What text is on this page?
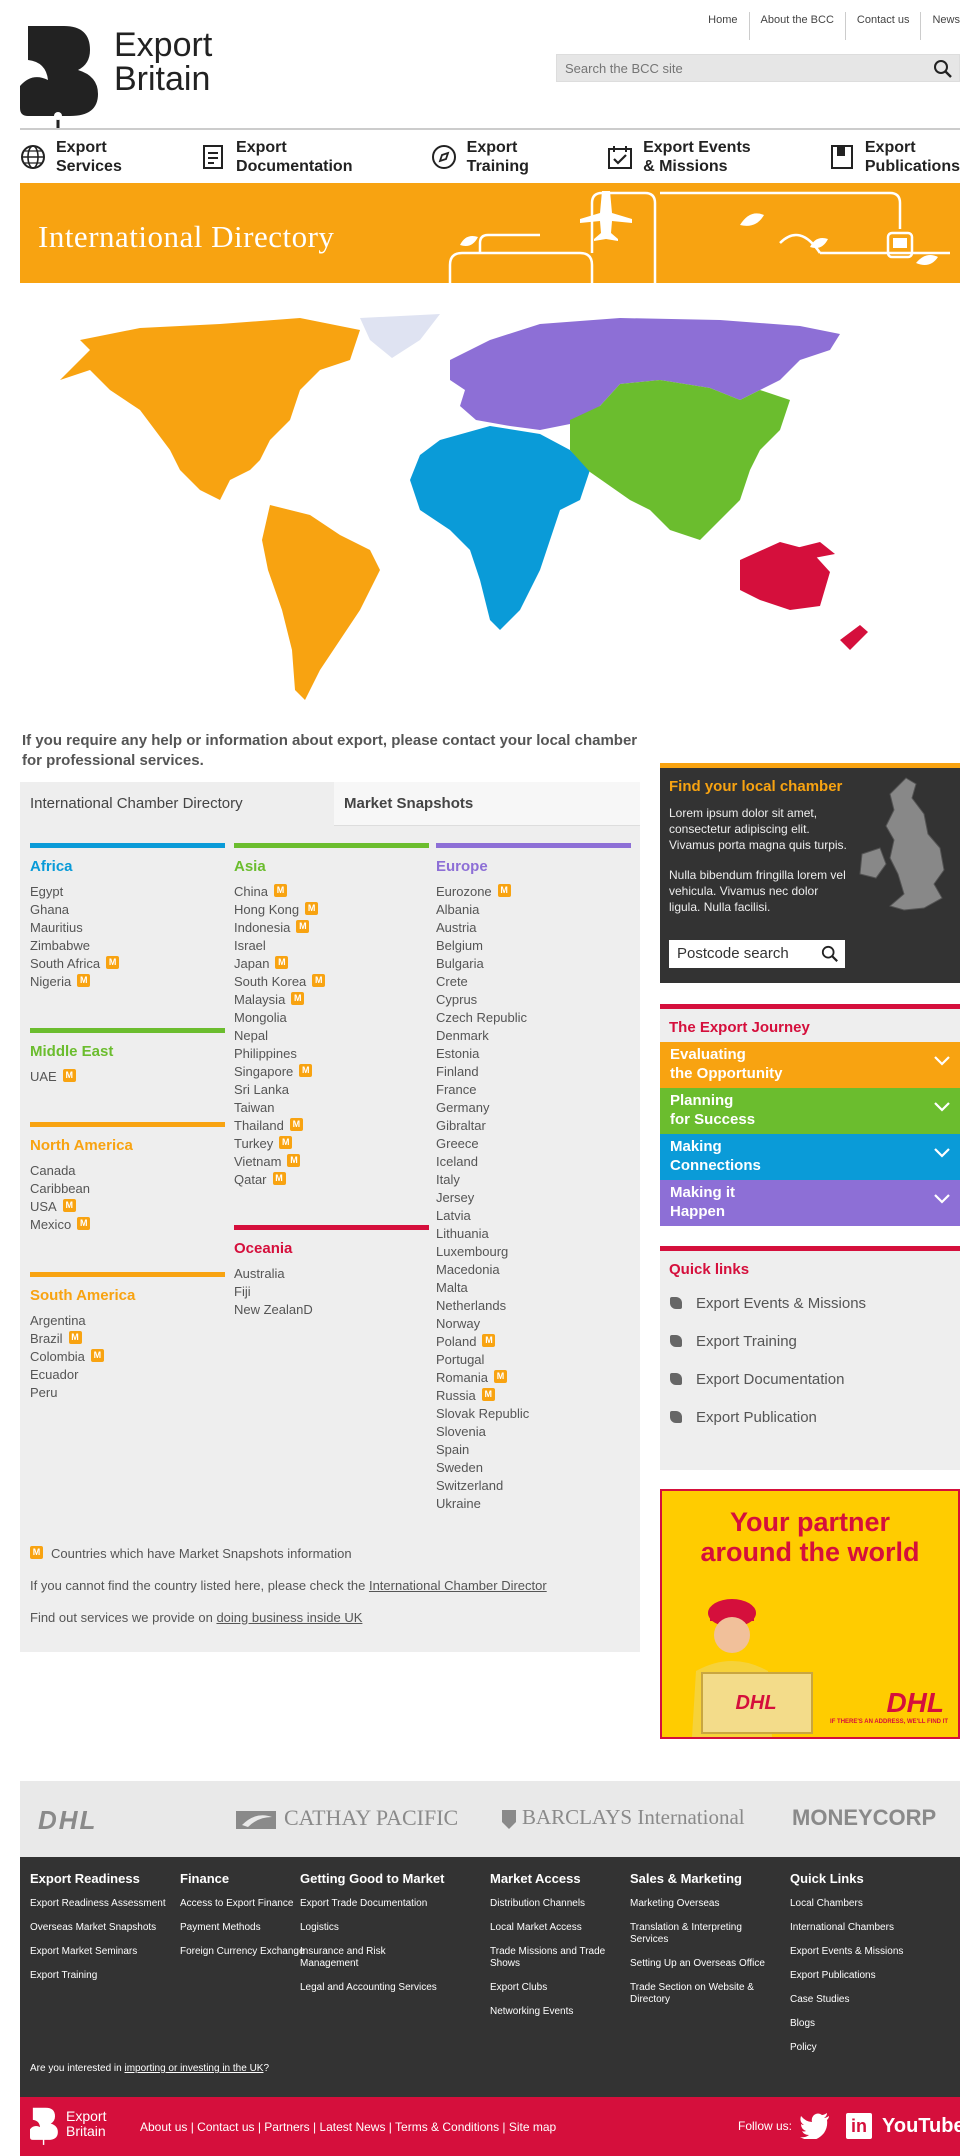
Export
Britain
Home	About the BCC	Contact us	News
Search the BCC site
Export
Services
Export
Documentation
Export
Training
Export Events
& Missions
Export
Publications
International Directory
If you require any help or information about export, please contact your local chamber for professional services.
International Chamber Directory	Market Snapshots
Africa
Egypt
Ghana
Mauritius
Zimbabwe
South Africa M
Nigeria M
Middle East
UAE M
North America
Canada
Caribbean
USA M
Mexico M
South America
Argentina
Brazil M
Colombia M
Ecuador
Peru
Asia
China M
Hong Kong M
Indonesia M
Israel
Japan M
South Korea M
Malaysia M
Mongolia
Nepal
Philippines
Singapore M
Sri Lanka
Taiwan
Thailand M
Turkey M
Vietnam M
Qatar M
Oceania
Australia
Fiji
New ZealanD
Europe
Eurozone M
Albania
Austria
Belgium
Bulgaria
Crete
Cyprus
Czech Republic
Denmark
Estonia
Finland
France
Germany
Gibraltar
Greece
Iceland
Italy
Jersey
Latvia
Lithuania
Luxembourg
Macedonia
Malta
Netherlands
Norway
Poland M
Portugal
Romania M
Russia M
Slovak Republic
Slovenia
Spain
Sweden
Switzerland
Ukraine
M Countries which have Market Snapshots information
If you cannot find the country listed here, please check the International Chamber Director
Find out services we provide on doing business inside UK
Find your local chamber

Lorem ipsum dolor sit amet, consectetur adipiscing elit. Vivamus porta magna quis turpis.

Nulla bibendum fringilla lorem vel vehicula. Vivamus nec dolor ligula. Nulla facilisi.

Postcode search
The Export Journey
Evaluating
the Opportunity
Planning
for Success
Making
Connections
Making it
Happen
Quick links
Export Events & Missions
Export Training
Export Documentation
Export Publication
Your partner
around the world
DHL	DHL
IF THERE'S AN ADDRESS, WE'LL FIND IT
DHL	CATHAY PACIFIC	BARCLAYS International MONEYCORP
Export Readiness
Export Readiness Assessment
Overseas Market Snapshots
Export Market Seminars
Export Training
Finance
Access to Export Finance
Payment Methods
Foreign Currency Exchange
Getting Good to Market
Export Trade Documentation
Logistics
Insurance and Risk Management
Legal and Accounting Services
Market Access
Distribution Channels
Local Market Access
Trade Missions and Trade Shows
Export Clubs
Networking Events
Sales & Marketing
Marketing Overseas
Translation & Interpreting Services
Setting Up an Overseas Office
Trade Section on Website & Directory
Quick Links
Local Chambers
International Chambers
Export Events & Missions
Export Publications
Case Studies
Blogs
Policy
Are you interested in importing or investing in the UK?
Export
Britain	About us | Contact us | Partners | Latest News | Terms & Conditions | Site map	Follow us:	in YouTube
